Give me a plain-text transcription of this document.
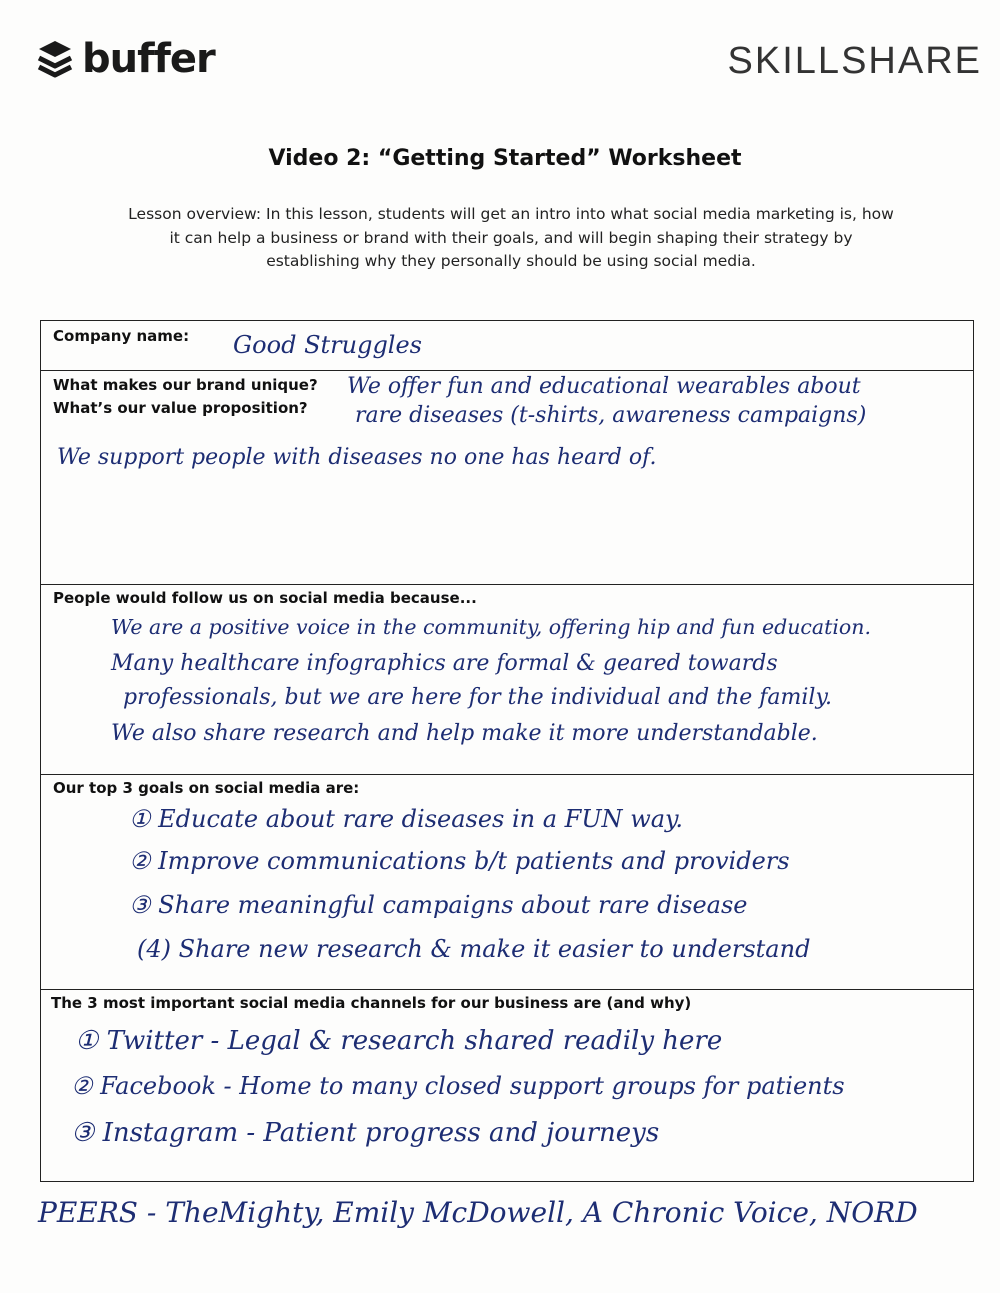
buffer	SKILLSHARE
Video 2: “Getting Started” Worksheet
Lesson overview: In this lesson, students will get an intro into what social media marketing is, how
it can help a business or brand with their goals, and will begin shaping their strategy by
establishing why they personally should be using social media.
Company name: Good Struggles
What makes our brand unique?
What’s our value proposition?
We offer fun and educational wearables about
rare diseases (t-shirts, awareness campaigns)
We support people with diseases no one has heard of.
People would follow us on social media because...
We are a positive voice in the community, offering hip and fun education.
Many healthcare infographics are formal & geared towards
professionals, but we are here for the individual and the family.
We also share research and help make it more understandable.
Our top 3 goals on social media are:
① Educate about rare diseases in a FUN way.
② Improve communications b/t patients and providers
③ Share meaningful campaigns about rare disease
(4) Share new research & make it easier to understand
The 3 most important social media channels for our business are (and why)
① Twitter - Legal & research shared readily here
② Facebook - Home to many closed support groups for patients
③ Instagram - Patient progress and journeys
PEERS - TheMighty, Emily McDowell, A Chronic Voice, NORD
